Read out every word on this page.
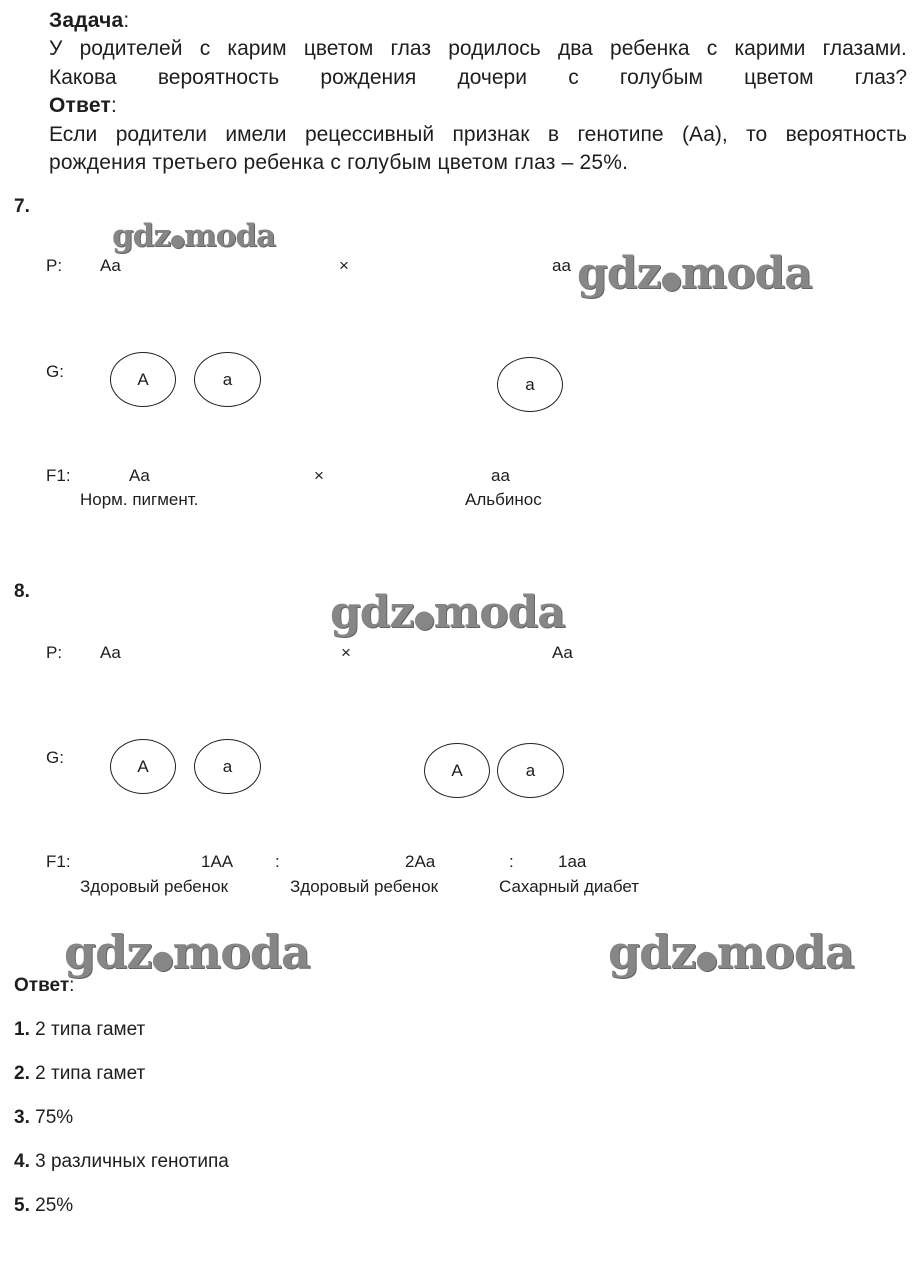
Задача:
У родителей с карим цветом глаз родилось два ребенка с карими глазами.
Какова вероятность рождения дочери с голубым цветом глаз?
Ответ:
Если родители имели рецессивный признак в генотипе (Аа), то вероятность
рождения третьего ребенка с голубым цветом глаз – 25%.
7.
gdz●moda
P: Aa	×	aa gdz●moda
G:	A	a	a
F1:	Aa	×	aa
Норм. пигмент.	Альбинос
8.	gdz●moda
P: Aa	×	Aa
G:	A	a	A	a
F1:	1AA :	2Aa	:	1aa
Здоровый ребенок	Здоровый ребенок	Сахарный диабет
gdz●moda	gdz●moda
Ответ:
1. 2 типа гамет
2. 2 типа гамет
3. 75%
4. 3 различных генотипа
5. 25%
